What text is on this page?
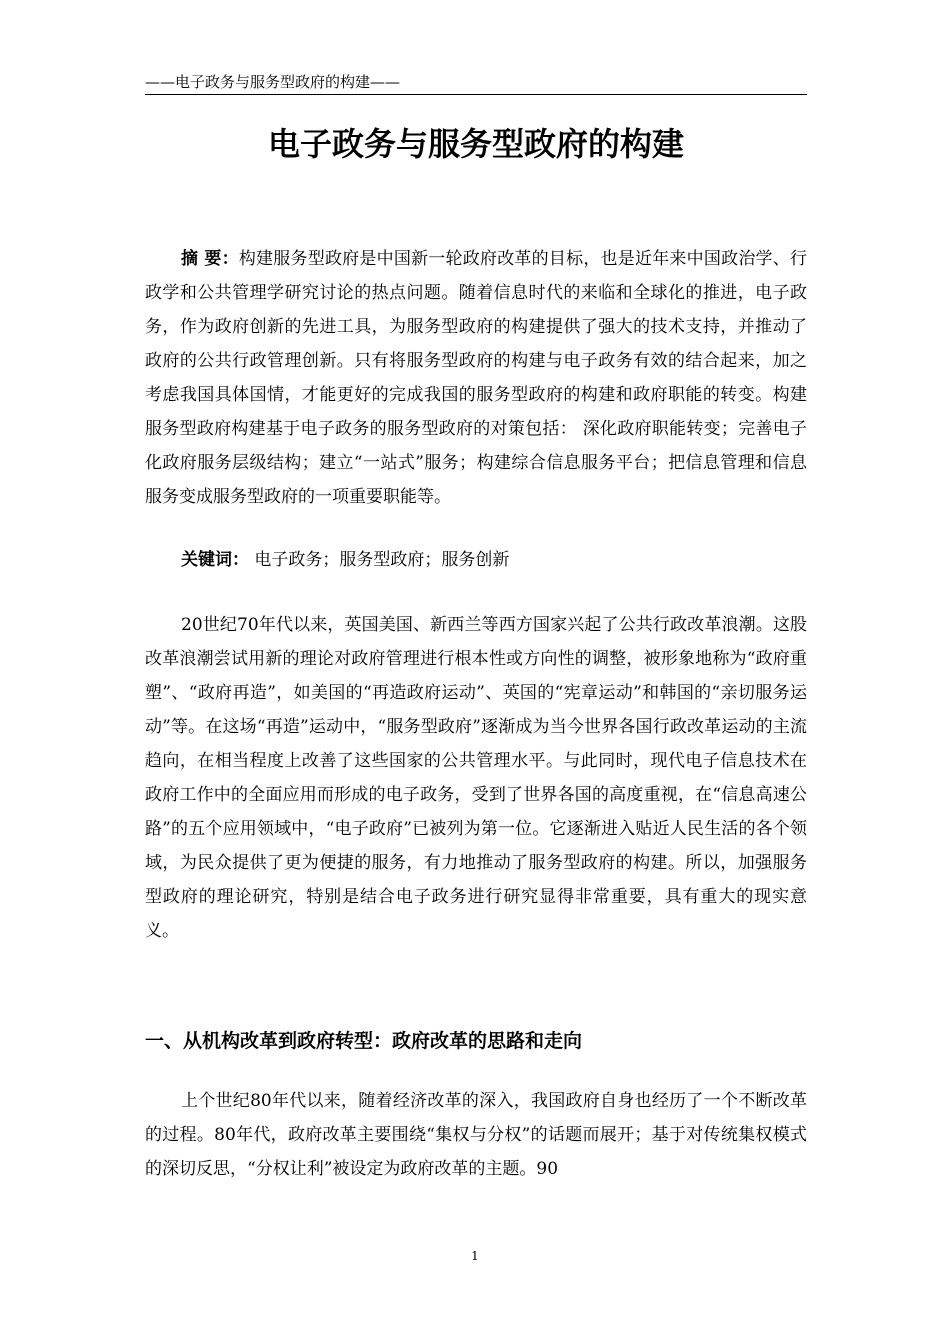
——电子政务与服务型政府的构建——
电子政务与服务型政府的构建

摘 要：构建服务型政府是中国新一轮政府改革的目标，也是近年来中国政治学、行政学和公共管理学研究讨论的热点问题。随着信息时代的来临和全球化的推进，电子政务，作为政府创新的先进工具，为服务型政府的构建提供了强大的技术支持，并推动了政府的公共行政管理创新。只有将服务型政府的构建与电子政务有效的结合起来，加之考虑我国具体国情，才能更好的完成我国的服务型政府的构建和政府职能的转变。构建服务型政府构建基于电子政务的服务型政府的对策包括： 深化政府职能转变；完善电子化政府服务层级结构；建立“一站式”服务；构建综合信息服务平台；把信息管理和信息服务变成服务型政府的一项重要职能等。

关键词： 电子政务；服务型政府；服务创新

20世纪70年代以来，英国美国、新西兰等西方国家兴起了公共行政改革浪潮。这股改革浪潮尝试用新的理论对政府管理进行根本性或方向性的调整，被形象地称为“政府重塑”、“政府再造”，如美国的“再造政府运动”、英国的“宪章运动”和韩国的“亲切服务运动”等。在这场“再造”运动中，“服务型政府”逐渐成为当今世界各国行政改革运动的主流趋向，在相当程度上改善了这些国家的公共管理水平。与此同时，现代电子信息技术在政府工作中的全面应用而形成的电子政务，受到了世界各国的高度重视，在“信息高速公路”的五个应用领域中，“电子政府”已被列为第一位。它逐渐进入贴近人民生活的各个领域，为民众提供了更为便捷的服务，有力地推动了服务型政府的构建。所以，加强服务型政府的理论研究，特别是结合电子政务进行研究显得非常重要，具有重大的现实意义。

一、从机构改革到政府转型：政府改革的思路和走向

上个世纪80年代以来，随着经济改革的深入，我国政府自身也经历了一个不断改革的过程。80年代，政府改革主要围绕“集权与分权”的话题而展开；基于对传统集权模式的深切反思，“分权让利”被设定为政府改革的主题。90

1
